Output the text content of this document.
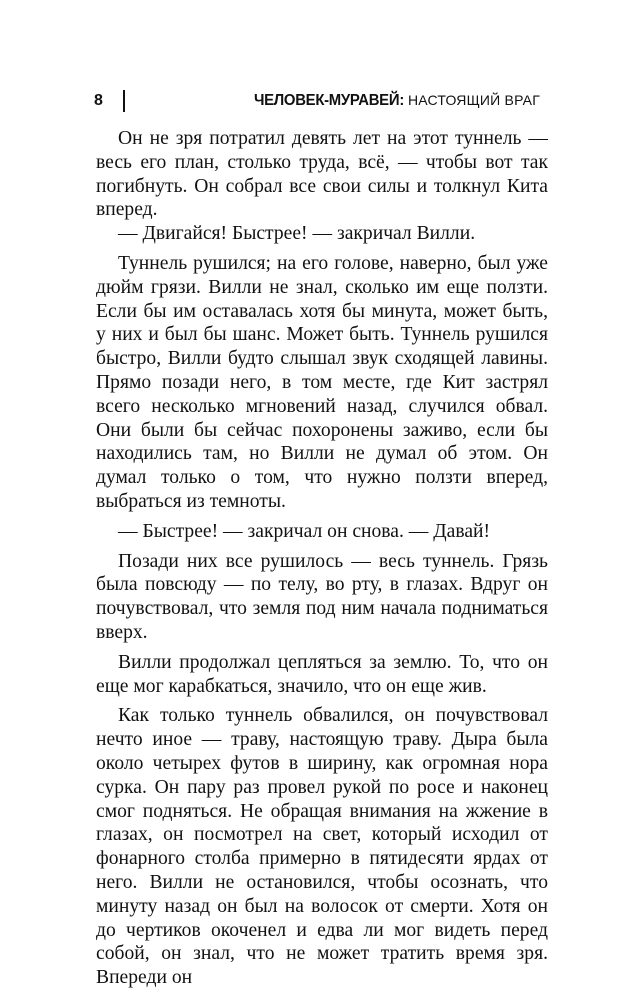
8	ЧЕЛОВЕК-МУРАВЕЙ: НАСТОЯЩИЙ ВРАГ

Он не зря потратил девять лет на этот туннель — весь его план, столько труда, всё, — чтобы вот так погибнуть. Он собрал все свои силы и толкнул Кита вперед.

— Двигайся! Быстрее! — закричал Вилли.

Туннель рушился; на его голове, наверно, был уже дюйм грязи. Вилли не знал, сколько им еще ползти. Если бы им оставалась хотя бы минута, может быть, у них и был бы шанс. Может быть. Туннель рушился быстро, Вилли будто слышал звук сходящей лавины. Прямо позади него, в том месте, где Кит застрял всего несколько мгновений назад, случился обвал. Они были бы сейчас похоронены заживо, если бы находились там, но Вилли не думал об этом. Он думал только о том, что нужно ползти вперед, выбраться из темноты.

— Быстрее! — закричал он снова. — Давай!

Позади них все рушилось — весь туннель. Грязь была повсюду — по телу, во рту, в глазах. Вдруг он почувствовал, что земля под ним начала подниматься вверх.

Вилли продолжал цепляться за землю. То, что он еще мог карабкаться, значило, что он еще жив.

Как только туннель обвалился, он почувствовал нечто иное — траву, настоящую траву. Дыра была около четырех футов в ширину, как огромная нора сурка. Он пару раз провел рукой по росе и наконец смог подняться. Не обращая внимания на жжение в глазах, он посмотрел на свет, который исходил от фонарного столба примерно в пятидесяти ярдах от него. Вилли не остановился, чтобы осознать, что минуту назад он был на волосок от смерти. Хотя он до чертиков окоченел и едва ли мог видеть перед собой, он знал, что не может тратить время зря. Впереди он
